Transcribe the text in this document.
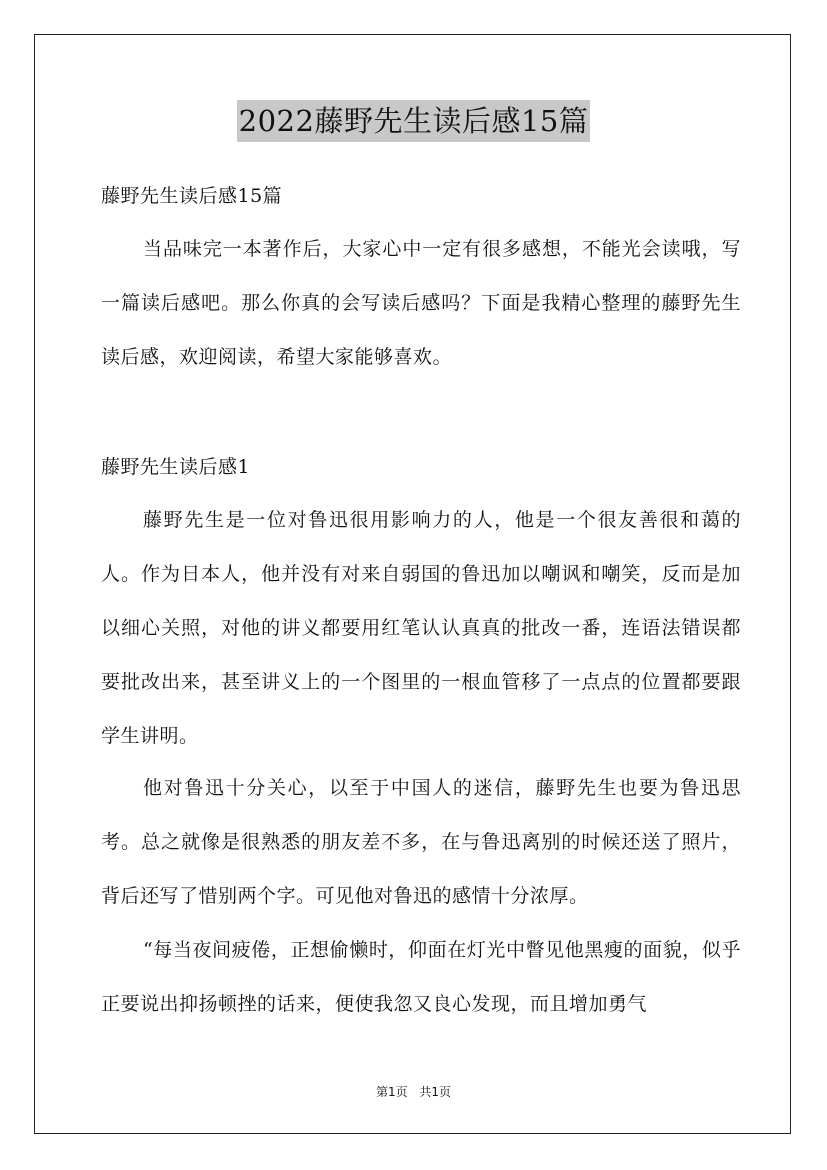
2022藤野先生读后感15篇
藤野先生读后感15篇
当品味完一本著作后，大家心中一定有很多感想，不能光会读哦，写一篇读后感吧。那么你真的会写读后感吗？下面是我精心整理的藤野先生读后感，欢迎阅读，希望大家能够喜欢。
藤野先生读后感1
藤野先生是一位对鲁迅很用影响力的人，他是一个很友善很和蔼的人。作为日本人，他并没有对来自弱国的鲁迅加以嘲讽和嘲笑，反而是加以细心关照，对他的讲义都要用红笔认认真真的批改一番，连语法错误都要批改出来，甚至讲义上的一个图里的一根血管移了一点点的位置都要跟学生讲明。
他对鲁迅十分关心，以至于中国人的迷信，藤野先生也要为鲁迅思考。总之就像是很熟悉的朋友差不多，在与鲁迅离别的时候还送了照片，背后还写了惜别两个字。可见他对鲁迅的感情十分浓厚。
“每当夜间疲倦，正想偷懒时，仰面在灯光中瞥见他黑瘦的面貌，似乎正要说出抑扬顿挫的话来，便使我忽又良心发现，而且增加勇气
第1页 共1页
